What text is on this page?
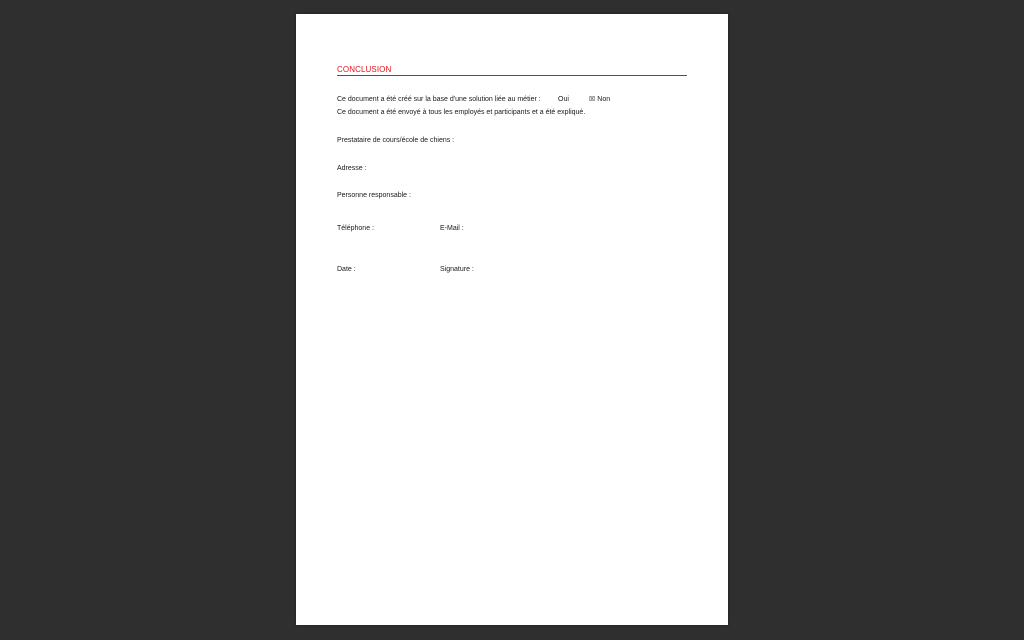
CONCLUSION
Ce document a été créé sur la base d'une solution liée au métier : Oui	☒ Non
Ce document a été envoyé à tous les employés et participants et a été expliqué.
Prestataire de cours/école de chiens :
Adresse :
Personne responsable :
Téléphone :	E-Mail :
Date :	Signature :
